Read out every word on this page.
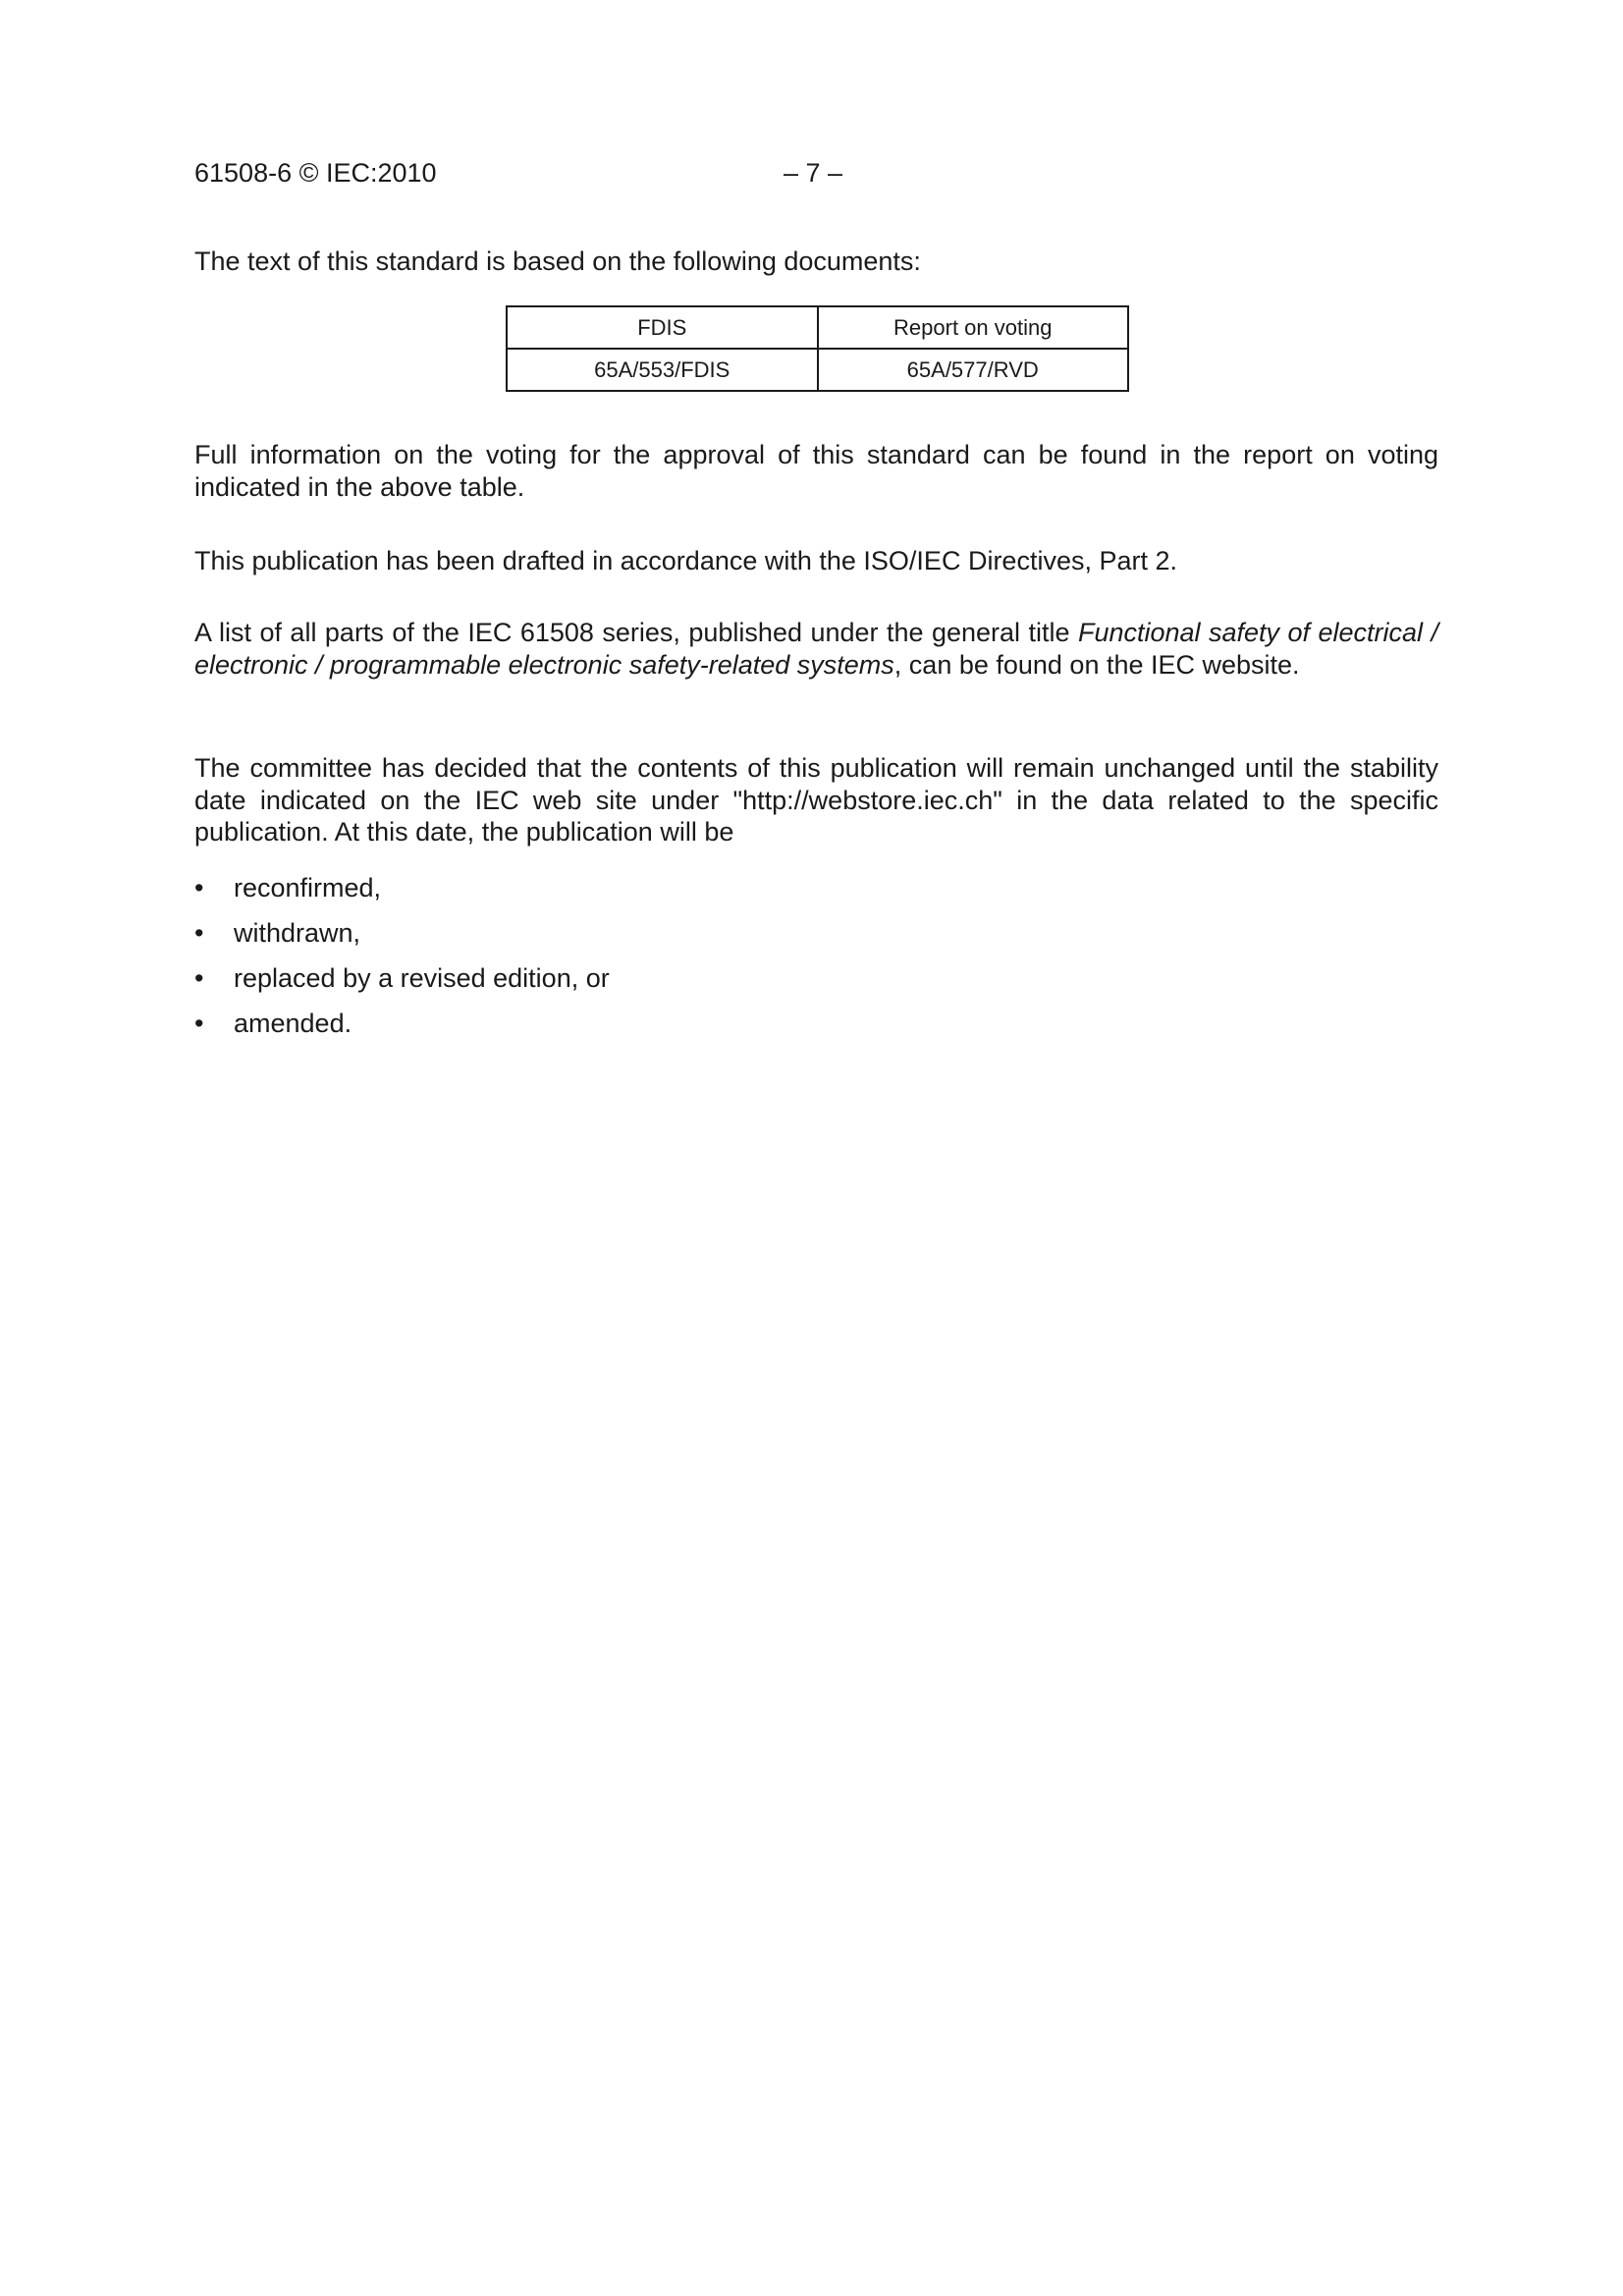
61508-6 © IEC:2010	– 7 –

The text of this standard is based on the following documents:

FDIS	Report on voting
65A/553/FDIS	65A/577/RVD

Full information on the voting for the approval of this standard can be found in the report on voting indicated in the above table.

This publication has been drafted in accordance with the ISO/IEC Directives, Part 2.

A list of all parts of the IEC 61508 series, published under the general title Functional safety of electrical / electronic / programmable electronic safety-related systems, can be found on the IEC website.

The committee has decided that the contents of this publication will remain unchanged until the stability date indicated on the IEC web site under "http://webstore.iec.ch" in the data related to the specific publication. At this date, the publication will be

• reconfirmed,
• withdrawn,
• replaced by a revised edition, or
• amended.
